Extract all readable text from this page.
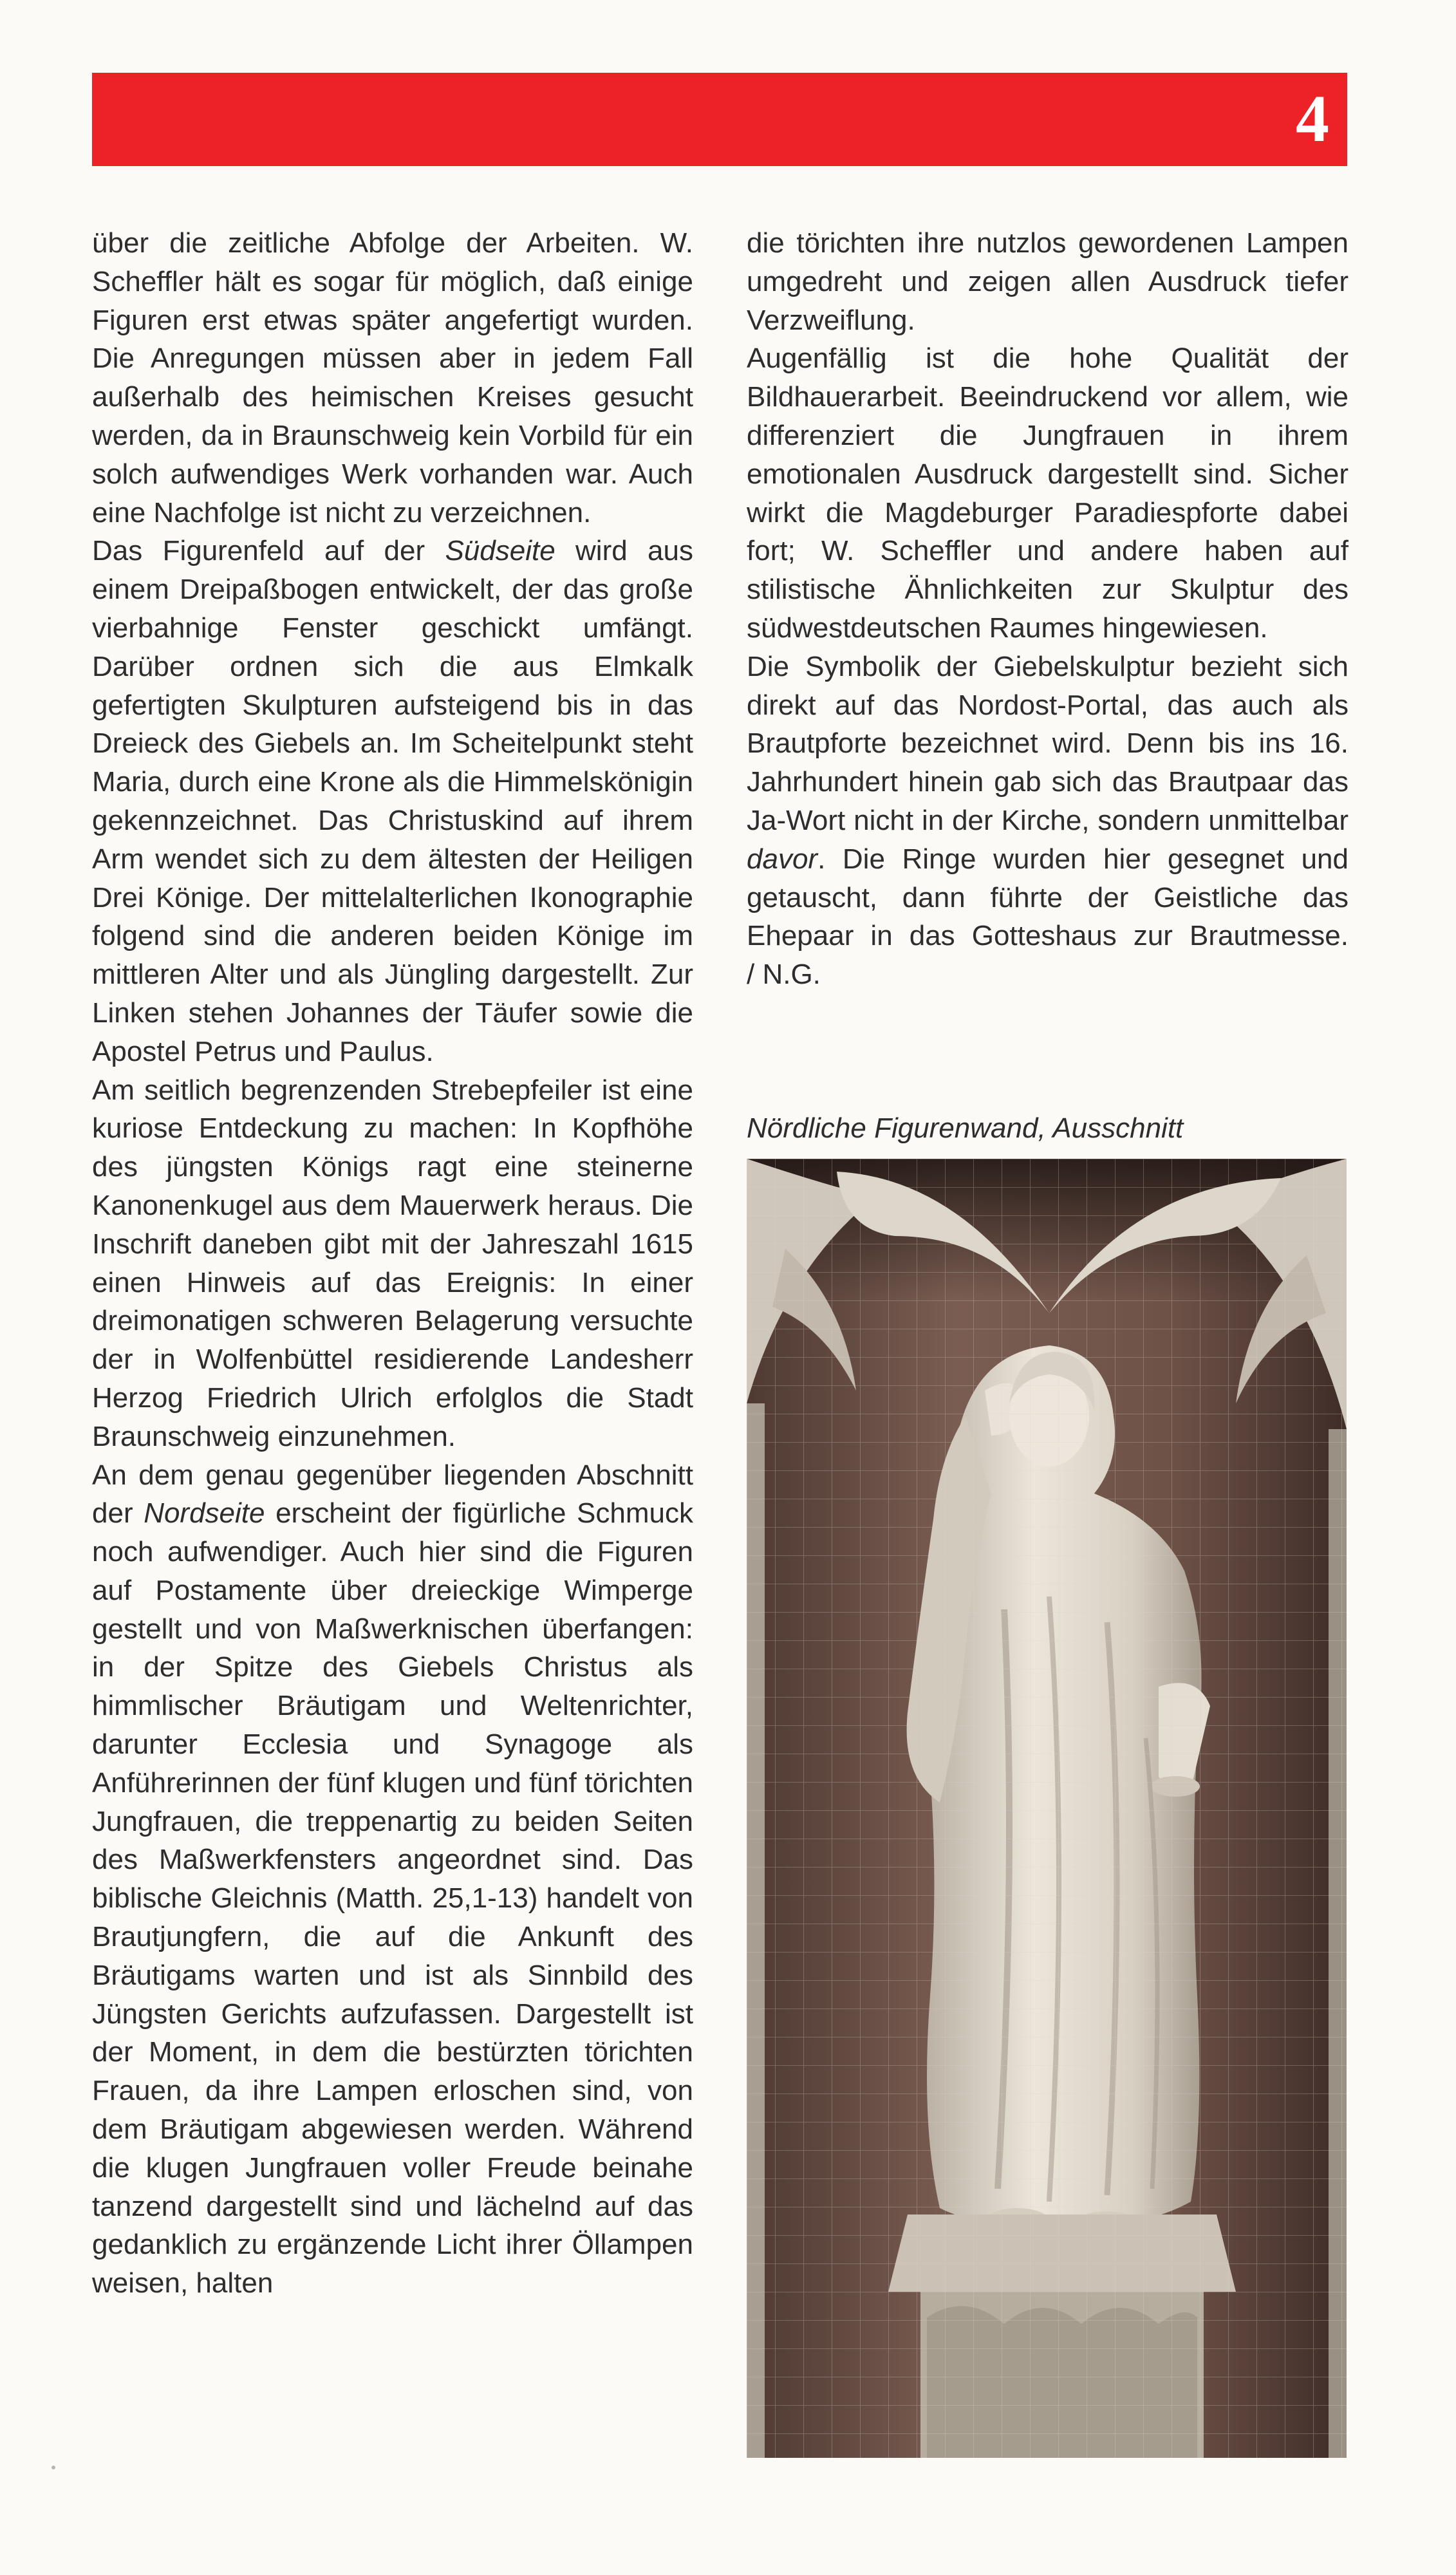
4

über die zeitliche Abfolge der Arbeiten. W. Scheffler hält es sogar für möglich, daß einige Figuren erst etwas später angefertigt wurden. Die Anregungen müssen aber in jedem Fall außerhalb des heimischen Kreises gesucht werden, da in Braunschweig kein Vorbild für ein solch aufwendiges Werk vorhanden war. Auch eine Nachfolge ist nicht zu verzeichnen.

Das Figurenfeld auf der Südseite wird aus einem Dreipaßbogen entwickelt, der das große vierbahnige Fenster geschickt umfängt. Darüber ordnen sich die aus Elmkalk gefertigten Skulpturen aufsteigend bis in das Dreieck des Giebels an. Im Scheitelpunkt steht Maria, durch eine Krone als die Himmelskönigin gekennzeichnet. Das Christuskind auf ihrem Arm wendet sich zu dem ältesten der Heiligen Drei Könige. Der mittelalterlichen Ikonographie folgend sind die anderen beiden Könige im mittleren Alter und als Jüngling dargestellt. Zur Linken stehen Johannes der Täufer sowie die Apostel Petrus und Paulus.

Am seitlich begrenzenden Strebepfeiler ist eine kuriose Entdeckung zu machen: In Kopfhöhe des jüngsten Königs ragt eine steinerne Kanonenkugel aus dem Mauerwerk heraus. Die Inschrift daneben gibt mit der Jahreszahl 1615 einen Hinweis auf das Ereignis: In einer dreimonatigen schweren Belagerung versuchte der in Wolfenbüttel residierende Landesherr Herzog Friedrich Ulrich erfolglos die Stadt Braunschweig einzunehmen.

An dem genau gegenüber liegenden Abschnitt der Nordseite erscheint der figürliche Schmuck noch aufwendiger. Auch hier sind die Figuren auf Postamente über dreieckige Wimperge gestellt und von Maßwerknischen überfangen: in der Spitze des Giebels Christus als himmlischer Bräutigam und Weltenrichter, darunter Ecclesia und Synagoge als Anführerinnen der fünf klugen und fünf törichten Jungfrauen, die treppenartig zu beiden Seiten des Maßwerkfensters angeordnet sind. Das biblische Gleichnis (Matth. 25,1-13) handelt von Brautjungfern, die auf die Ankunft des Bräutigams warten und ist als Sinnbild des Jüngsten Gerichts aufzufassen. Dargestellt ist der Moment, in dem die bestürzten törichten Frauen, da ihre Lampen erloschen sind, von dem Bräutigam abgewiesen werden. Während die klugen Jungfrauen voller Freude beinahe tanzend dargestellt sind und lächelnd auf das gedanklich zu ergänzende Licht ihrer Öllampen weisen, halten

die törichten ihre nutzlos gewordenen Lampen umgedreht und zeigen allen Ausdruck tiefer Verzweiflung.

Augenfällig ist die hohe Qualität der Bildhauerarbeit. Beeindruckend vor allem, wie differenziert die Jungfrauen in ihrem emotionalen Ausdruck dargestellt sind. Sicher wirkt die Magdeburger Paradiespforte dabei fort; W. Scheffler und andere haben auf stilistische Ähnlichkeiten zur Skulptur des südwestdeutschen Raumes hingewiesen.

Die Symbolik der Giebelskulptur bezieht sich direkt auf das Nordost-Portal, das auch als Brautpforte bezeichnet wird. Denn bis ins 16. Jahrhundert hinein gab sich das Brautpaar das Ja-Wort nicht in der Kirche, sondern unmittelbar davor. Die Ringe wurden hier gesegnet und getauscht, dann führte der Geistliche das Ehepaar in das Gotteshaus zur Brautmesse. / N.G.

Nördliche Figurenwand, Ausschnitt
